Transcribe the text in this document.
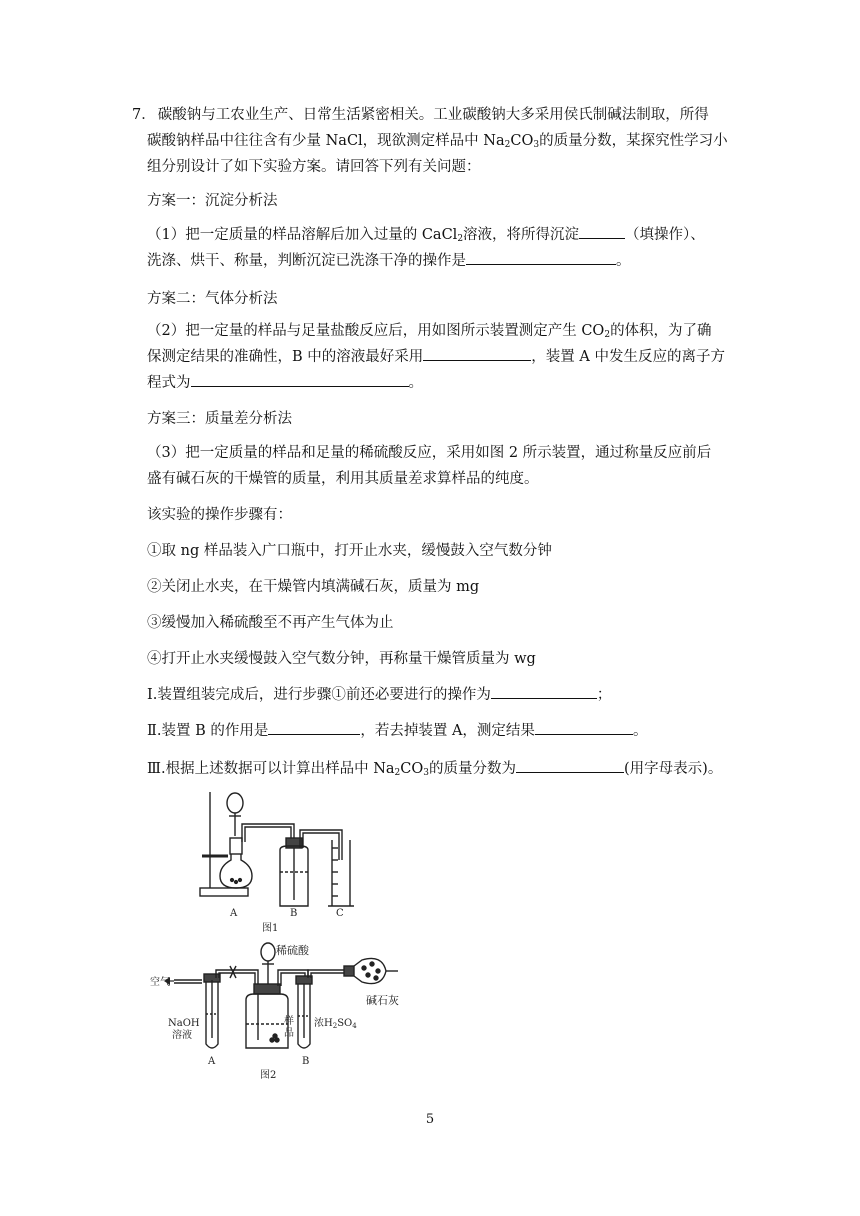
7． 碳酸钠与工农业生产、日常生活紧密相关。工业碳酸钠大多采用侯氏制碱法制取，所得
碳酸钠样品中往往含有少量 NaCl，现欲测定样品中 $Na_2CO_3$的质量分数，某探究性学习小
组分别设计了如下实验方案。请回答下列有关问题：
方案一：沉淀分析法
（1）把一定质量的样品溶解后加入过量的 CaCl$_2$溶液，将所得沉淀	（填操作）、
洗涤、烘干、称量，判断沉淀已洗涤干净的操作是	。
方案二：气体分析法
（2）把一定量的样品与足量盐酸反应后，用如图所示装置测定产生 $CO_2$的体积，为了确
保测定结果的准确性，B 中的溶液最好采用	，装置 A 中发生反应的离子方
程式为	。
方案三：质量差分析法
（3）把一定质量的样品和足量的稀硫酸反应，采用如图 2 所示装置，通过称量反应前后
盛有碱石灰的干燥管的质量，利用其质量差求算样品的纯度。
该实验的操作步骤有：
①取 ng 样品装入广口瓶中，打开止水夹，缓慢鼓入空气数分钟
②关闭止水夹，在干燥管内填满碱石灰，质量为 mg
③缓慢加入稀硫酸至不再产生气体为止
④打开止水夹缓慢鼓入空气数分钟，再称量干燥管质量为 wg
Ⅰ.装置组装完成后，进行步骤①前还必要进行的操作为	；
Ⅱ.装置 B 的作用是	，若去掉装置 A，测定结果	。
Ⅲ.根据上述数据可以计算出样品中 $Na_2CO_3$的质量分数为	(用字母表示)。
A	B	C
图1
稀硫酸
空气
碱石灰
NaOH
溶液
样
品
浓$H_2SO_4$
A	B
图2
5
